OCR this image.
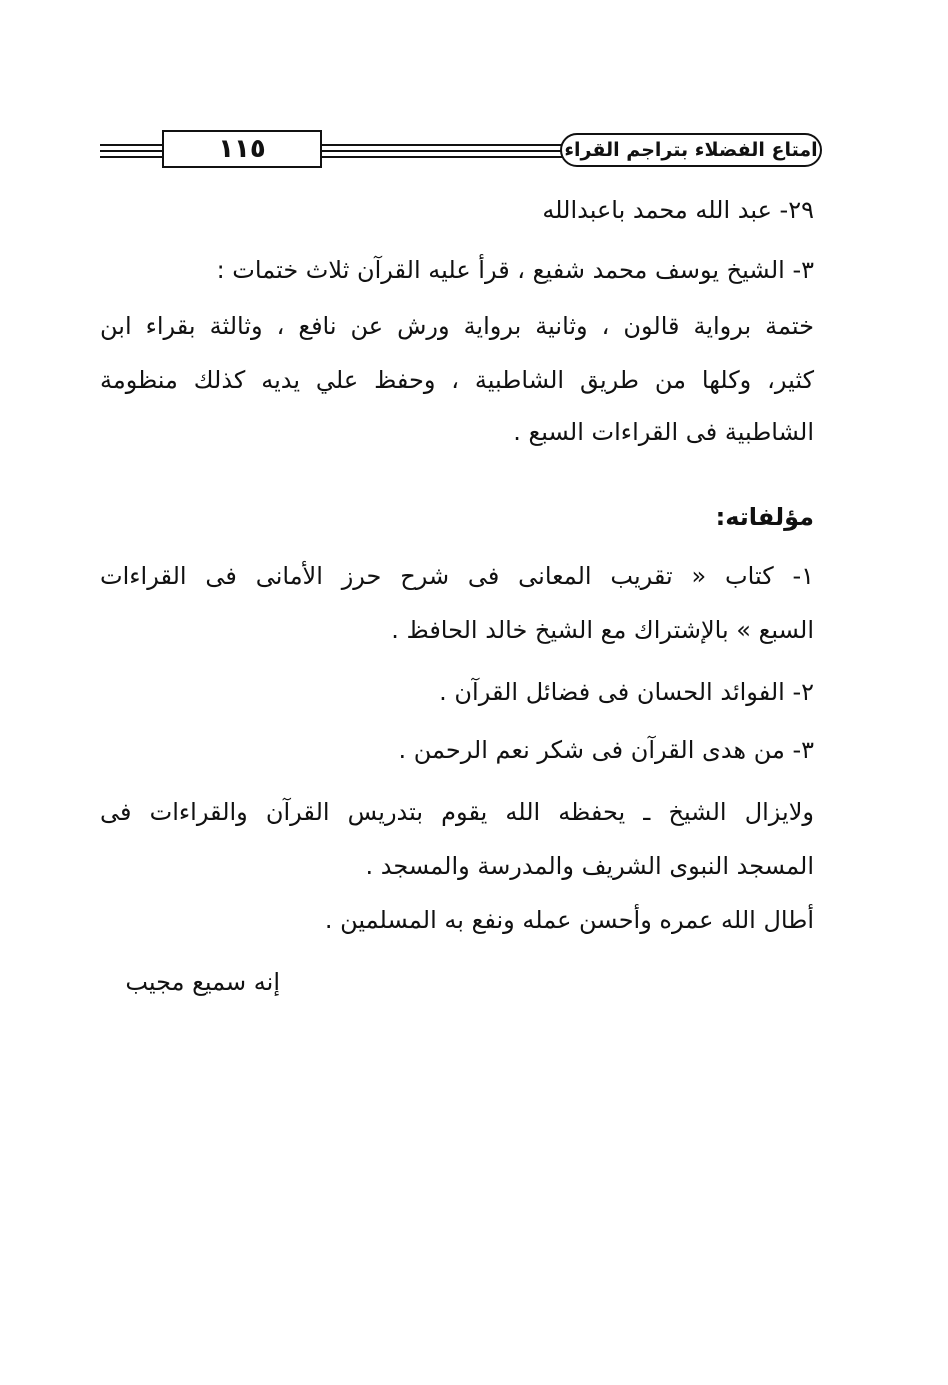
١١٥	امتاع الفضلاء بتراجم القراء
٢٩- عبد الله محمد باعبدالله
٣- الشيخ يوسف محمد شفيع ، قرأ عليه القرآن ثلاث ختمات :
ختمة برواية قالون ، وثانية برواية ورش عن نافع ، وثالثة بقراء ابن
كثير، وكلها من طريق الشاطبية ، وحفظ علي يديه كذلك منظومة
الشاطبية فى القراءات السبع .
مؤلفاته:
١- كتاب « تقريب المعانى فى شرح حرز الأمانى فى القراءات
السبع » بالإشتراك مع الشيخ خالد الحافظ .
٢- الفوائد الحسان فى فضائل القرآن .
٣- من هدى القرآن فى شكر نعم الرحمن .
ولايزال الشيخ ـ يحفظه الله يقوم بتدريس القرآن والقراءات فى
المسجد النبوى الشريف والمدرسة والمسجد .
أطال الله عمره وأحسن عمله ونفع به المسلمين .
إنه سميع مجيب
